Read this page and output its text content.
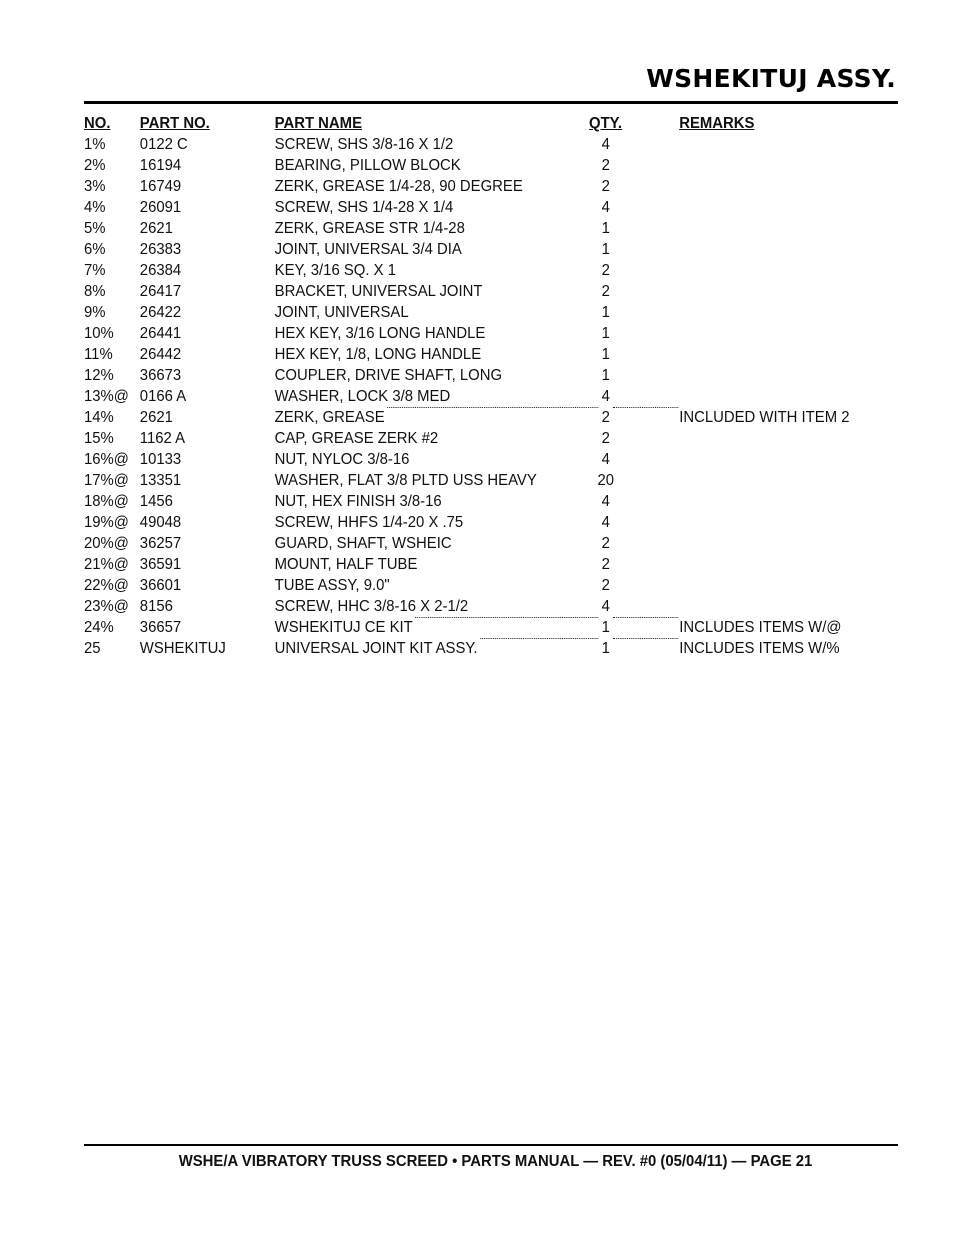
WSHEKITUJ ASSY.
NO. PART NO.	PART NAME	QTY.	REMARKS
1% 0122 C	SCREW, SHS 3/8-16 X 1/2	4
2% 16194	BEARING, PILLOW BLOCK	2
3% 16749	ZERK, GREASE 1/4-28, 90 DEGREE	2
4% 26091	SCREW, SHS 1/4-28 X 1/4	4
5% 2621	ZERK, GREASE STR 1/4-28	1
6% 26383	JOINT, UNIVERSAL 3/4 DIA	1
7% 26384	KEY, 3/16 SQ. X 1	2
8% 26417	BRACKET, UNIVERSAL JOINT	2
9% 26422	JOINT, UNIVERSAL	1
10% 26441	HEX KEY, 3/16 LONG HANDLE	1
11% 26442	HEX KEY, 1/8, LONG HANDLE	1
12% 36673	COUPLER, DRIVE SHAFT, LONG	1
13%@ 0166 A	WASHER, LOCK 3/8 MED	4
14% 2621	ZERK, GREASE	2	INCLUDED WITH ITEM 2
15% 1162 A	CAP, GREASE ZERK #2	2
16%@ 10133	NUT, NYLOC 3/8-16	4
17%@ 13351	WASHER, FLAT 3/8 PLTD USS HEAVY	20
18%@ 1456	NUT, HEX FINISH 3/8-16	4
19%@ 49048	SCREW, HHFS 1/4-20 X .75	4
20%@ 36257	GUARD, SHAFT, WSHEIC	2
21%@ 36591	MOUNT, HALF TUBE	2
22%@ 36601	TUBE ASSY, 9.0"	2
23%@ 8156	SCREW, HHC 3/8-16 X 2-1/2	4
24% 36657	WSHEKITUJ CE KIT	1	INCLUDES ITEMS W/@
25 WSHEKITUJ	UNIVERSAL JOINT KIT ASSY.	1	INCLUDES ITEMS W/%
WSHE/A VIBRATORY TRUSS SCREED • PARTS MANUAL — REV. #0 (05/04/11) — PAGE 21
